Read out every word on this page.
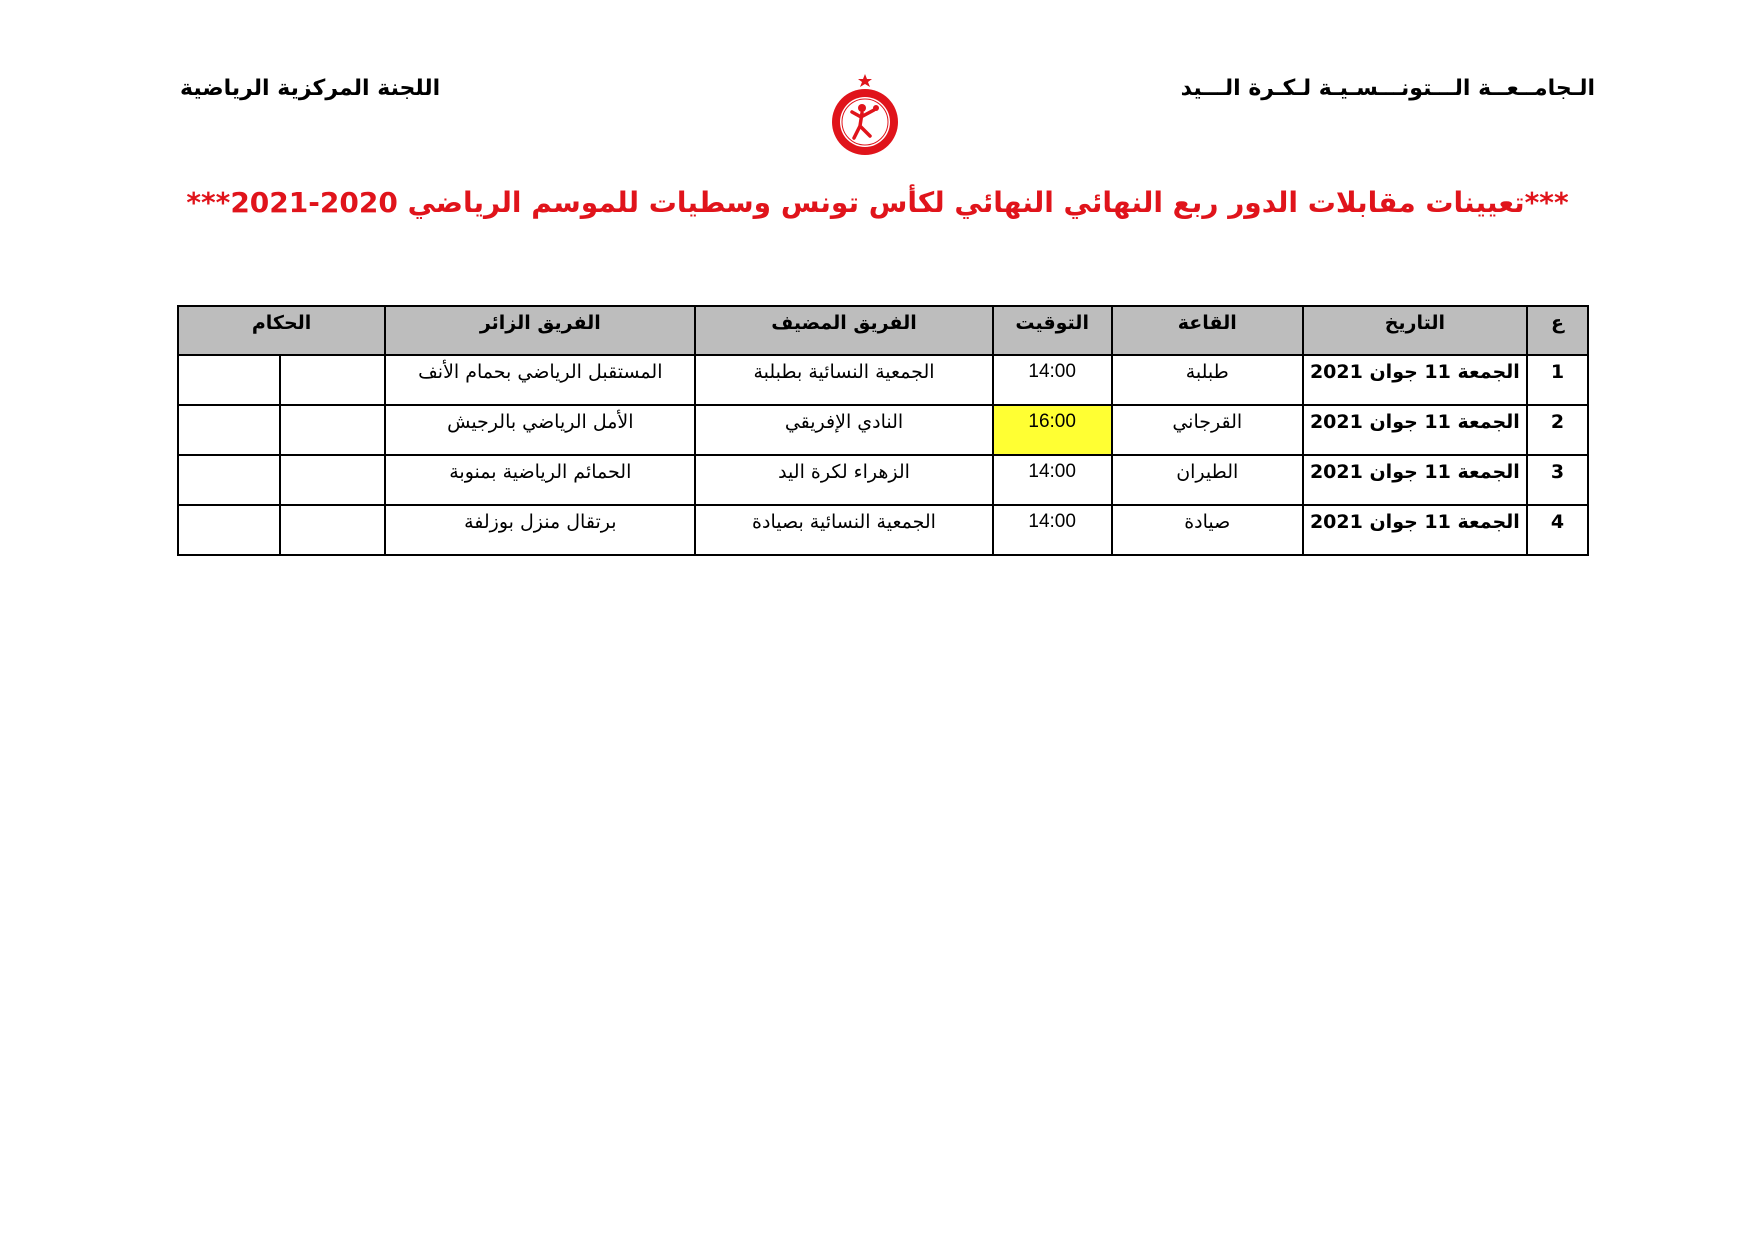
اللجنة المركزية الرياضية	الـجامــعــة الـــتونـــسـيـة لـكـرة الـــيد
***تعيينات مقابلات الدور ربع النهائي النهائي لكأس تونس وسطيات للموسم الرياضي 2020-2021***
ع	التاريخ	القاعة	التوقيت	الفريق المضيف	الفريق الزائر	الحكام	
1	الجمعة 11 جوان 2021	طبلبة	14:00	الجمعية النسائية بطبلبة	المستقبل الرياضي بحمام الأنف		
2	الجمعة 11 جوان 2021	القرجاني	16:00	النادي الإفريقي	الأمل الرياضي بالرجيش		
3	الجمعة 11 جوان 2021	الطيران	14:00	الزهراء لكرة اليد	الحمائم الرياضية بمنوبة		
4	الجمعة 11 جوان 2021	صيادة	14:00	الجمعية النسائية بصيادة	برتقال منزل بوزلفة		
